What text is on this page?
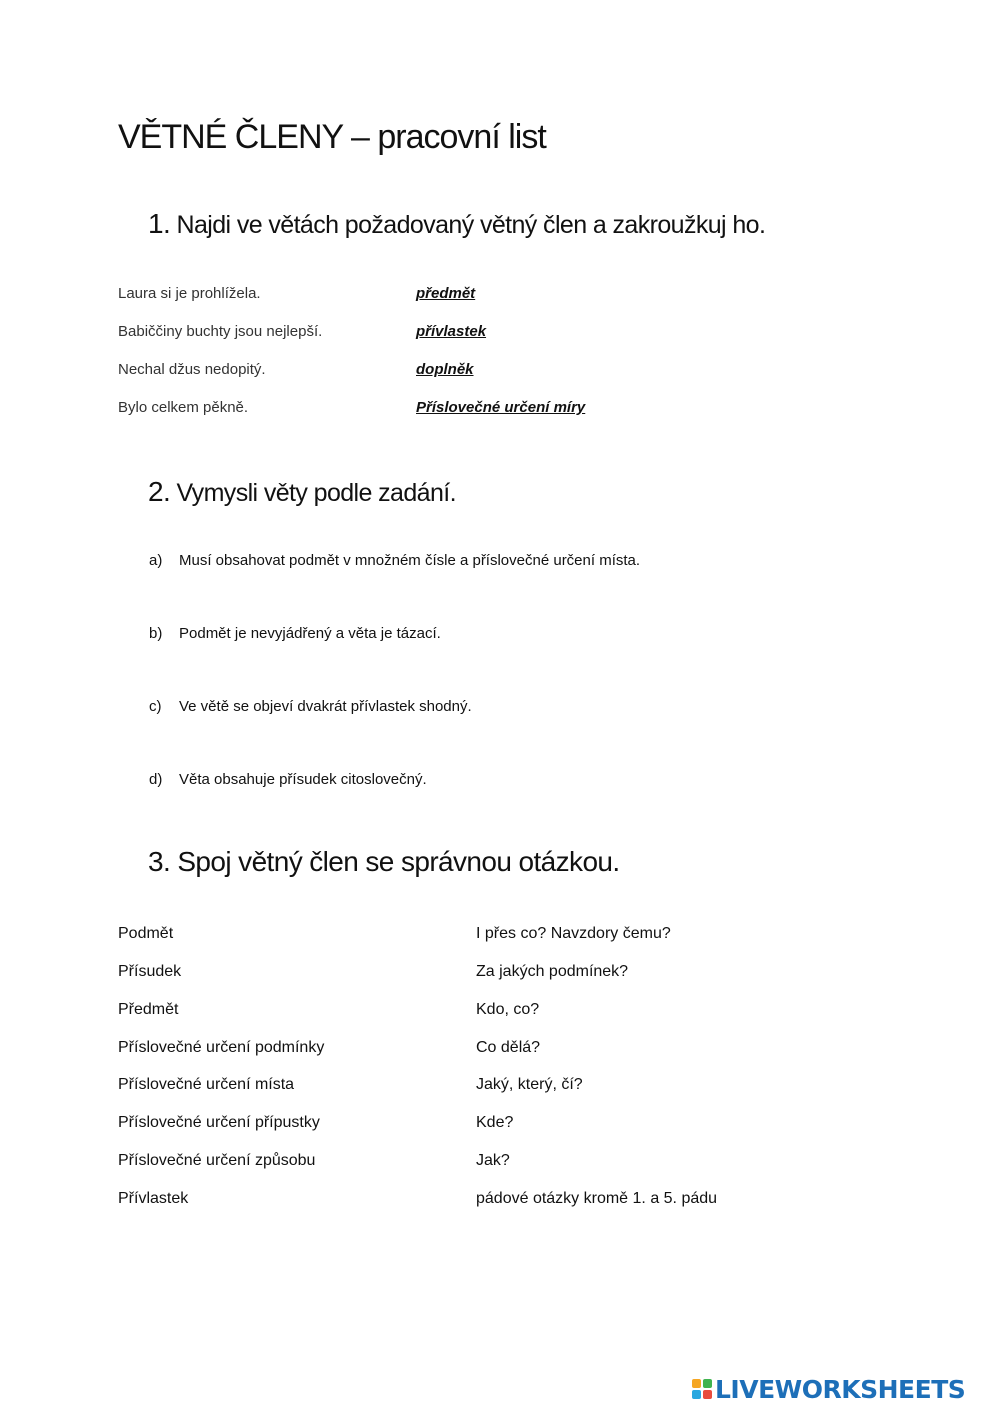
VĚTNÉ ČLENY – pracovní list
1. Najdi ve větách požadovaný větný člen a zakroužkuj ho.
Laura si je prohlížela.	předmět
Babiččiny buchty jsou nejlepší.	přívlastek
Nechal džus nedopitý.	doplněk
Bylo celkem pěkně.	Příslovečné určení míry
2. Vymysli věty podle zadání.
a) Musí obsahovat podmět v množném čísle a příslovečné určení místa.
b) Podmět je nevyjádřený a věta je tázací.
c) Ve větě se objeví dvakrát přívlastek shodný.
d) Věta obsahuje přísudek citoslovečný.
3. Spoj větný člen se správnou otázkou.
Podmět	I přes co? Navzdory čemu?
Přísudek	Za jakých podmínek?
Předmět	Kdo, co?
Příslovečné určení podmínky	Co dělá?
Příslovečné určení místa	Jaký, který, čí?
Příslovečné určení přípustky	Kde?
Příslovečné určení způsobu	Jak?
Přívlastek	pádové otázky kromě 1. a 5. pádu
LIVEWORKSHEETS
